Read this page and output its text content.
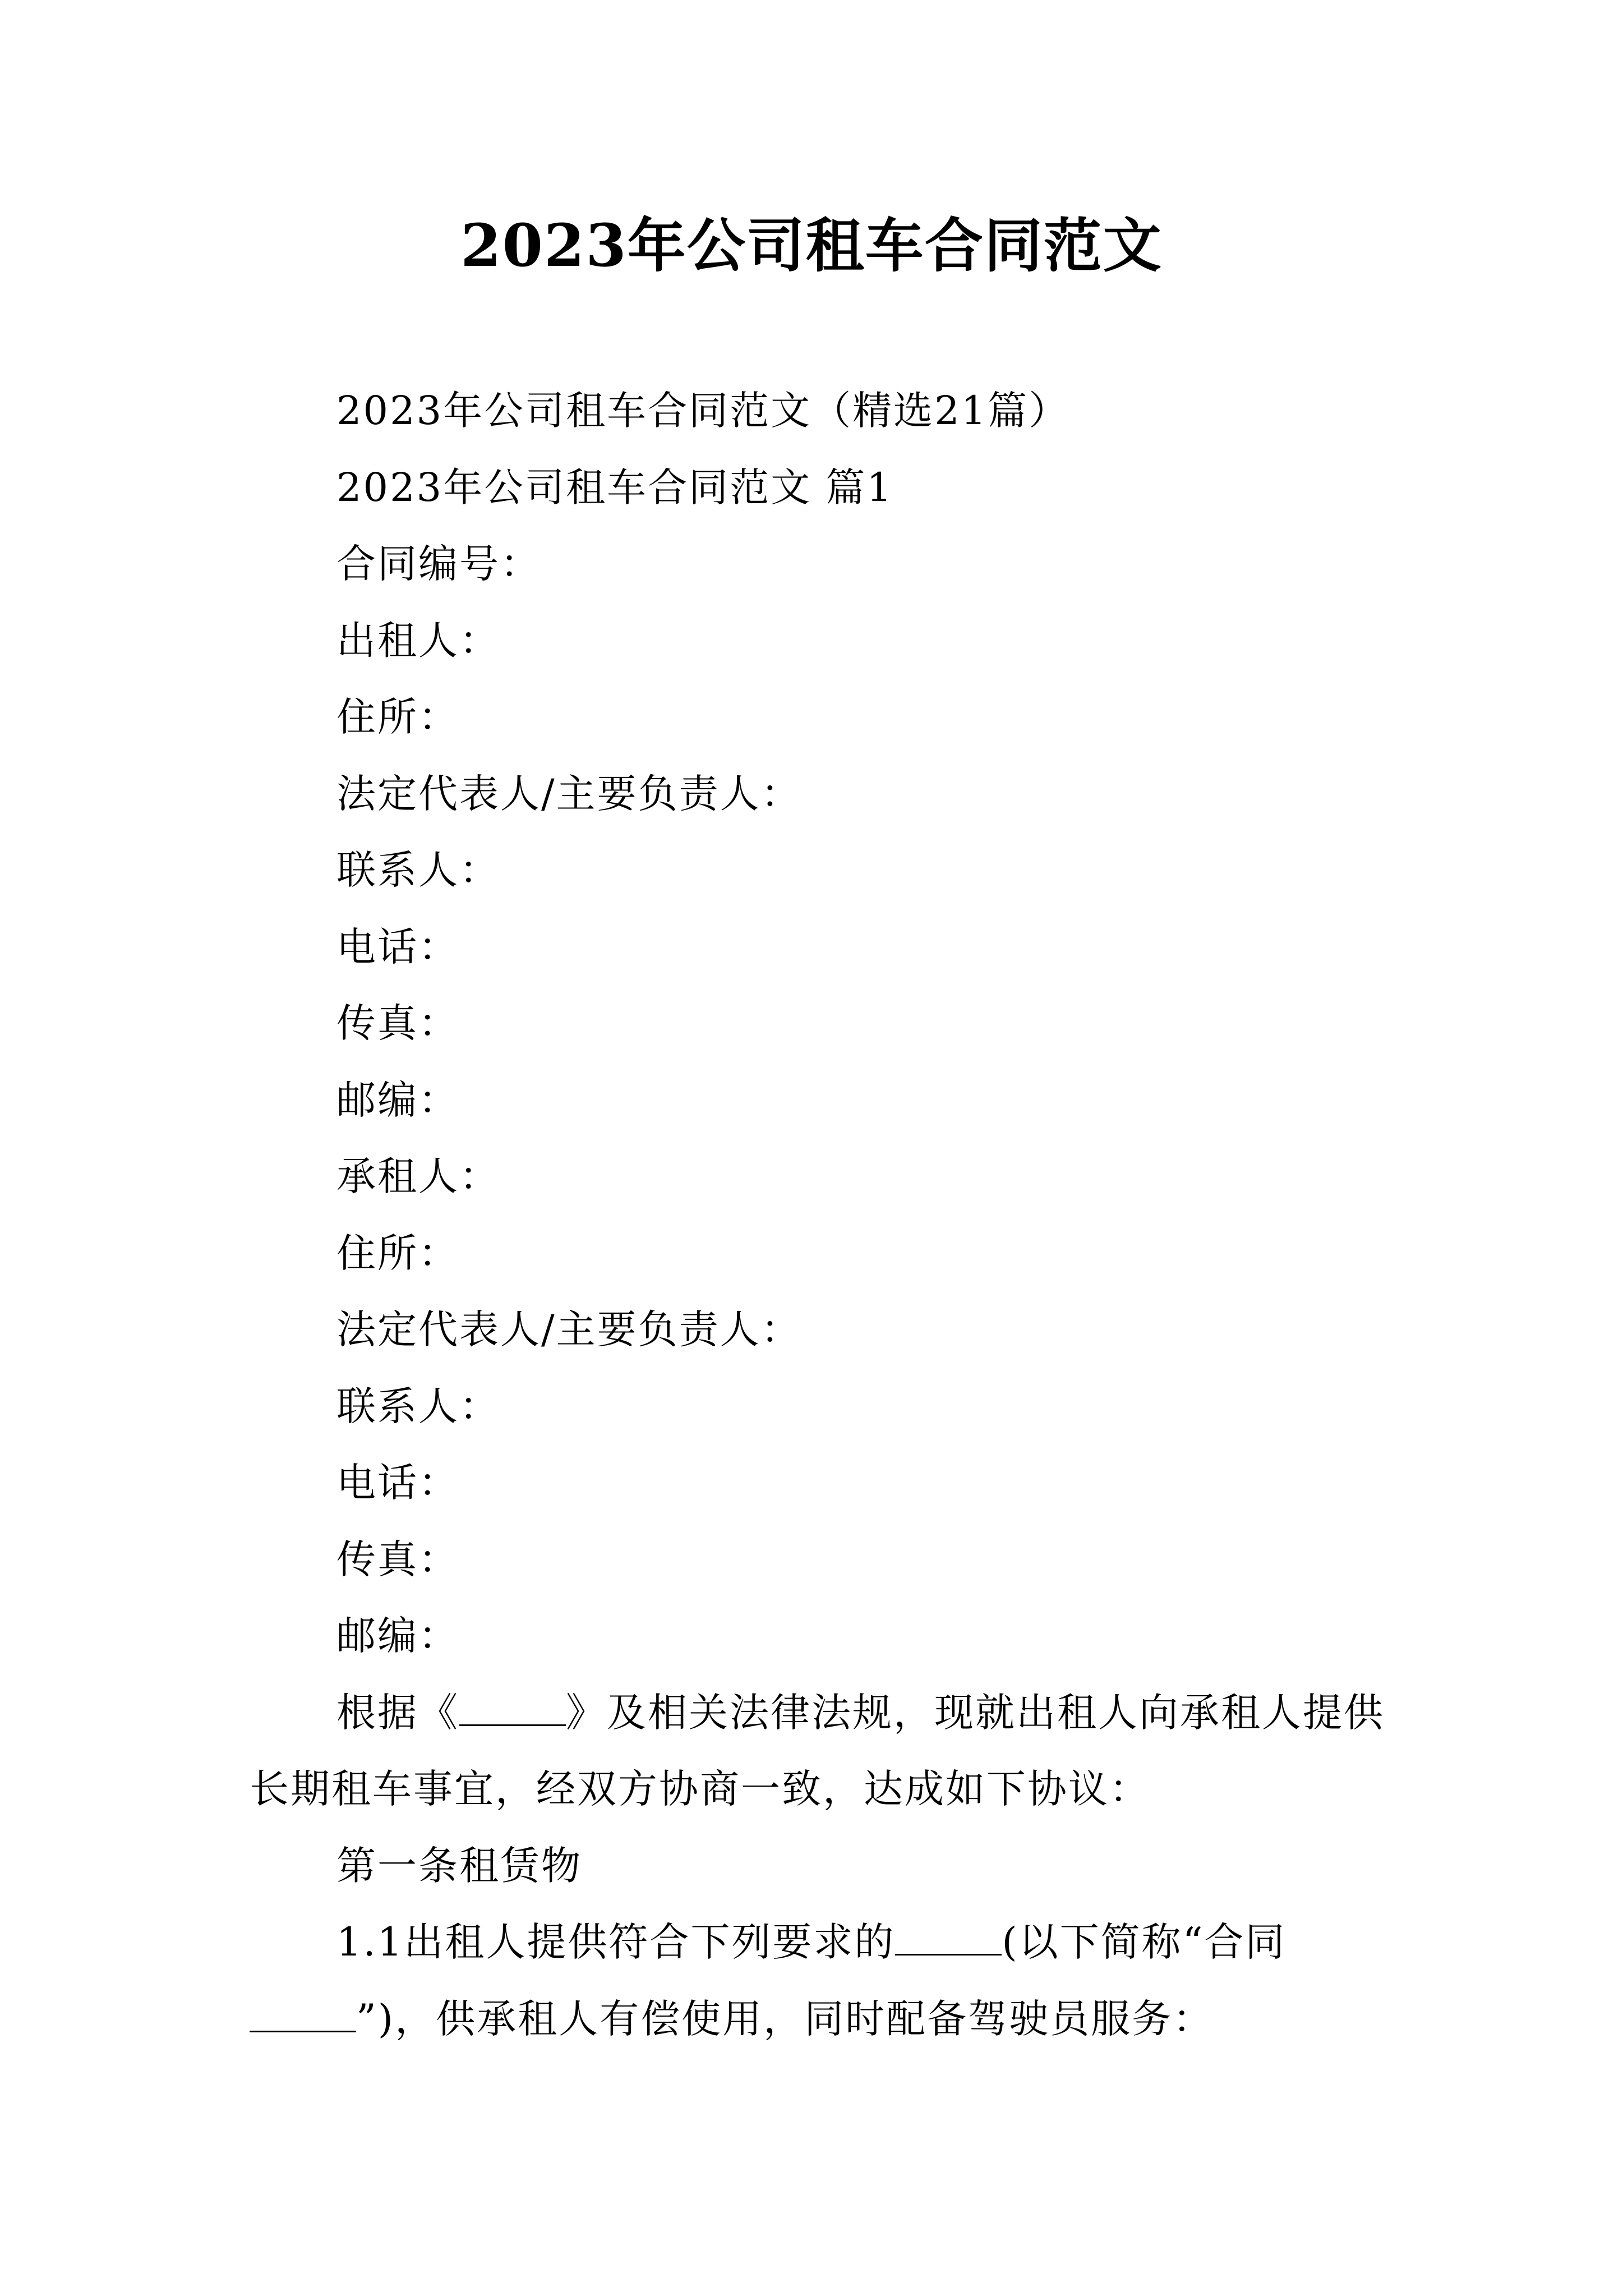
2023年公司租车合同范文

2023年公司租车合同范文（精选21篇）

2023年公司租车合同范文 篇1

合同编号：

出租人：

住所：

法定代表人/主要负责人：

联系人：

电话：

传真：

邮编：

承租人：

住所：

法定代表人/主要负责人：

联系人：

电话：

传真：

邮编：

根据《	》及相关法律法规，现就出租人向承租人提供长期租车事宜，经双方协商一致，达成如下协议：

第一条租赁物

1.1出租人提供符合下列要求的	(以下简称“合同”)，供承租人有偿使用，同时配备驾驶员服务：
